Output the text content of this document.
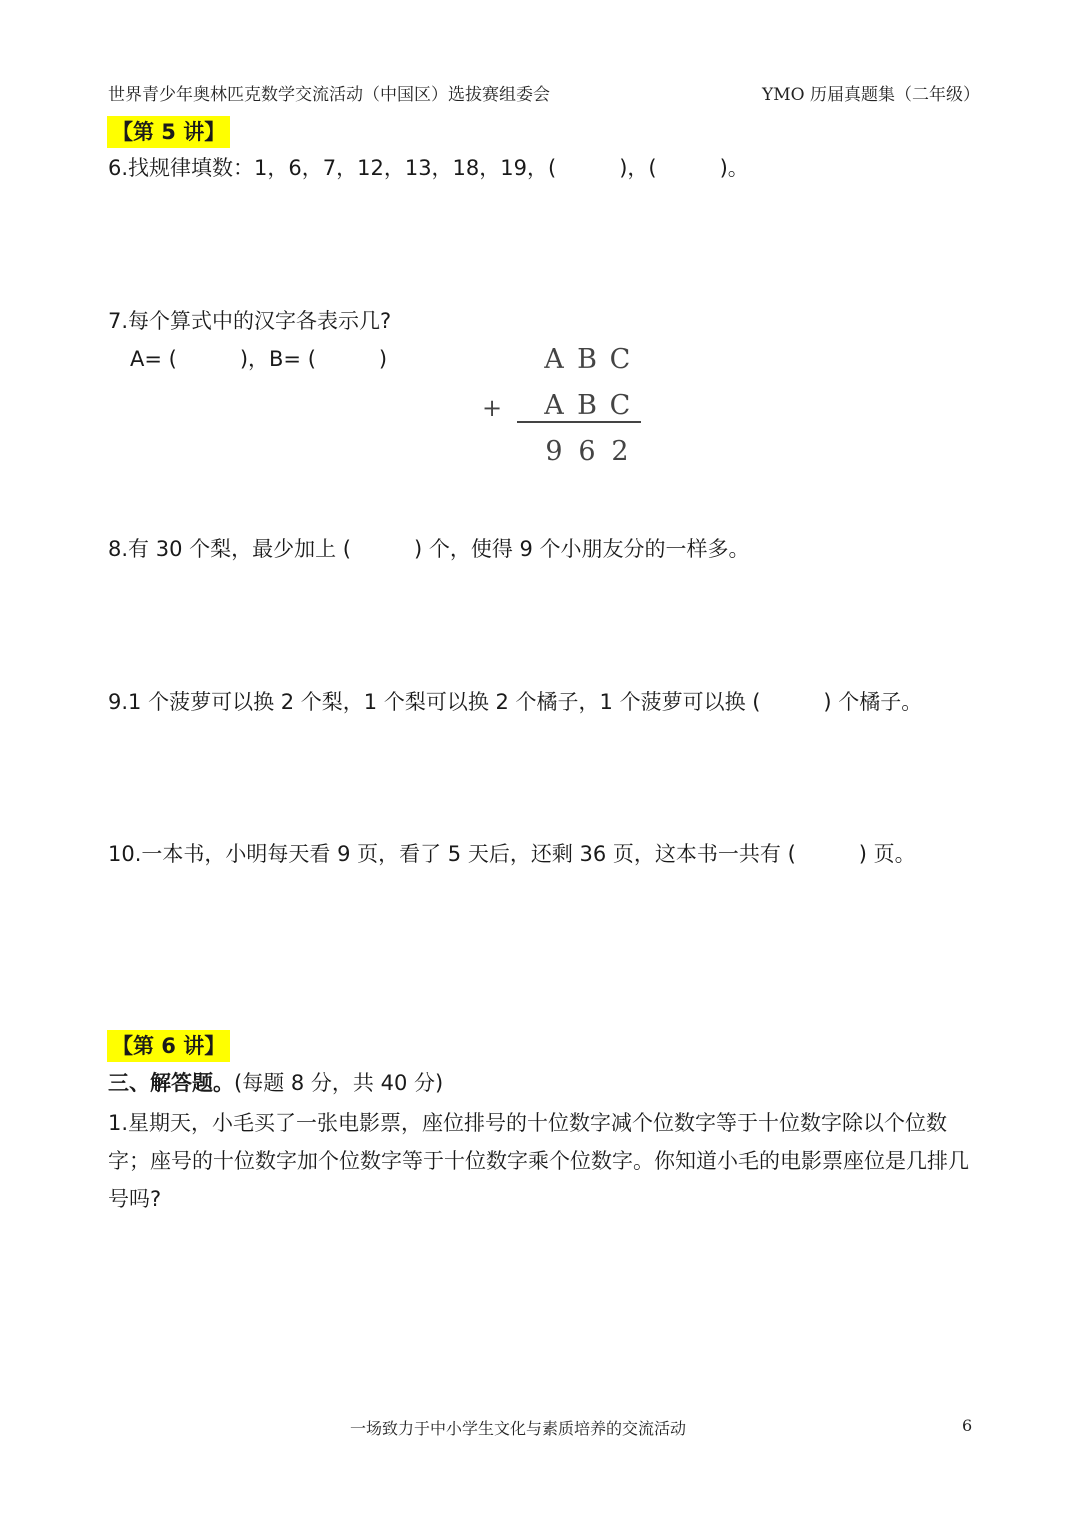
世界青少年奥林匹克数学交流活动（中国区）选拔赛组委会	YMO 历届真题集（二年级）
【第 5 讲】
6.找规律填数：1，6，7，12，13，18，19，(　　　)，(　　　)。
7.每个算式中的汉字各表示几?
A= (　　　)，B= (　　　)	A B C
+ A B C
9 6 2
8.有 30 个梨，最少加上 (　　　) 个，使得 9 个小朋友分的一样多。
9.1 个菠萝可以换 2 个梨，1 个梨可以换 2 个橘子，1 个菠萝可以换 (　　　) 个橘子。
10.一本书，小明每天看 9 页，看了 5 天后，还剩 36 页，这本书一共有 (　　　) 页。
【第 6 讲】
三、解答题。(每题 8 分，共 40 分)
1.星期天，小毛买了一张电影票，座位排号的十位数字减个位数字等于十位数字除以个位数字；座号的十位数字加个位数字等于十位数字乘个位数字。你知道小毛的电影票座位是几排几号吗?
一场致力于中小学生文化与素质培养的交流活动	6
